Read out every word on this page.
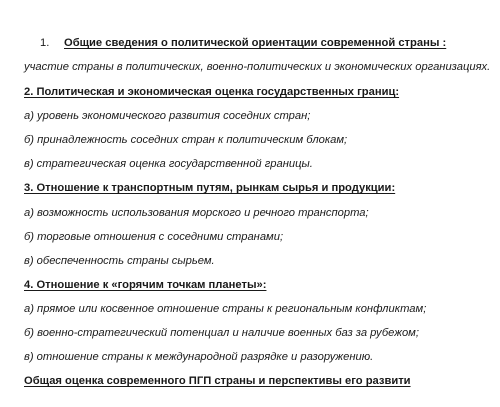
1. Общие сведения о политической ориентации современной страны :
участие страны в политических, военно-политических и экономических организациях.
2. Политическая и экономическая оценка государственных границ:
а) уровень экономического развития соседних стран;
б) принадлежность соседних стран к политическим блокам;
в) стратегическая оценка государственной границы.
3. Отношение к транспортным путям, рынкам сырья и продукции:
а) возможность использования морского и речного транспорта;
б) торговые отношения с соседними странами;
в) обеспеченность страны сырьем.
4. Отношение к «горячим точкам планеты»:
а) прямое или косвенное отношение страны к региональным конфликтам;
б) военно-стратегический потенциал и наличие военных баз за рубежом;
в) отношение страны к международной разрядке и разоружению.
Общая оценка современного ПГП страны и перспективы его развити
